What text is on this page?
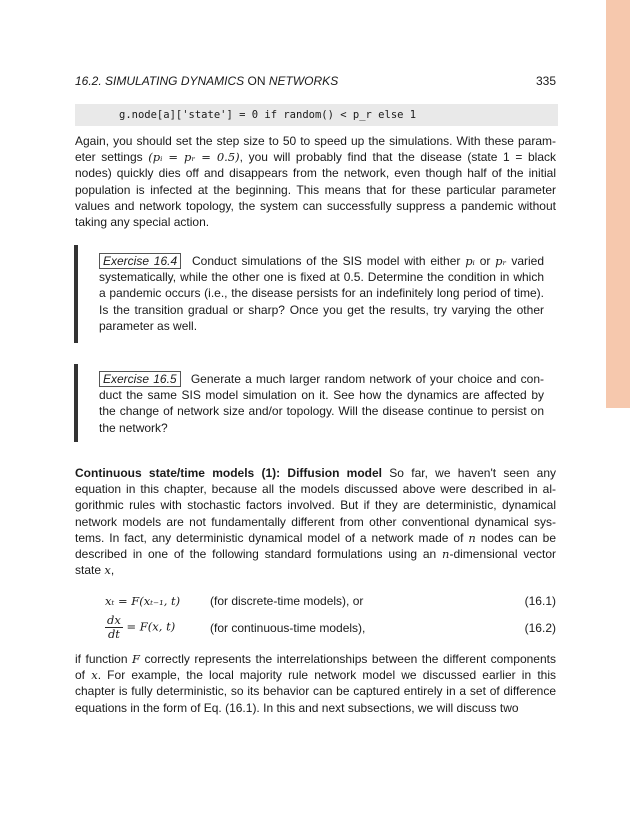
16.2. SIMULATING DYNAMICS ON NETWORKS	335
g.node[a]['state'] = 0 if random() < p_r else 1

Again, you should set the step size to 50 to speed up the simulations. With these param- eter settings (pᵢ = pᵣ = 0.5), you will probably find that the disease (state 1 = black nodes) quickly dies off and disappears from the network, even though half of the initial population is infected at the beginning. This means that for these particular parameter values and network topology, the system can successfully suppress a pandemic without taking any special action.

Exercise 16.4 Conduct simulations of the SIS model with either pᵢ or pᵣ varied systematically, while the other one is fixed at 0.5. Determine the condition in which a pandemic occurs (i.e., the disease persists for an indefinitely long period of time). Is the transition gradual or sharp? Once you get the results, try varying the other parameter as well.
Exercise 16.5 Generate a much larger random network of your choice and con- duct the same SIS model simulation on it. See how the dynamics are affected by the change of network size and/or topology. Will the disease continue to persist on the network?

Continuous state/time models (1): Diffusion model So far, we haven't seen any equation in this chapter, because all the models discussed above were described in al- gorithmic rules with stochastic factors involved. But if they are deterministic, dynamical network models are not fundamentally different from other conventional dynamical sys- tems. In fact, any deterministic dynamical model of a network made of n nodes can be described in one of the following standard formulations using an n-dimensional vector state x,

xₜ = F(xₜ₋₁, t) (for discrete-time models), or	(16.1)
$\frac{dx}{dt} = F(x$, t)	(for continuous-time models),	(16.2)

if function F correctly represents the interrelationships between the different components of x. For example, the local majority rule network model we discussed earlier in this chapter is fully deterministic, so its behavior can be captured entirely in a set of difference equations in the form of Eq. (16.1). In this and next subsections, we will discuss two
